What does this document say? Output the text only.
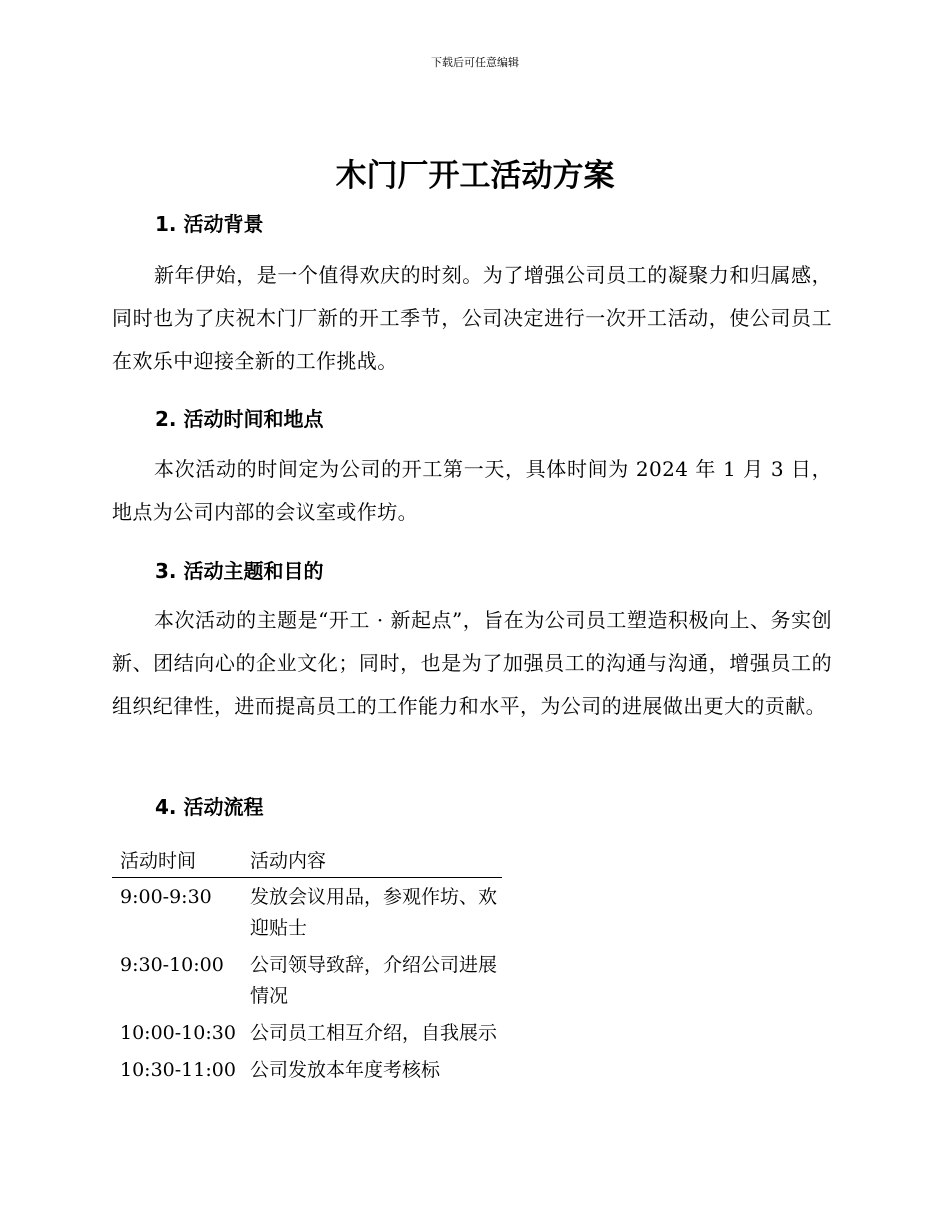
下载后可任意编辑
木门厂开工活动方案
1. 活动背景

新年伊始，是一个值得欢庆的时刻。为了增强公司员工的凝聚力和归属感，同时也为了庆祝木门厂新的开工季节，公司决定进行一次开工活动，使公司员工在欢乐中迎接全新的工作挑战。

2. 活动时间和地点

本次活动的时间定为公司的开工第一天，具体时间为 2024 年 1 月 3 日，地点为公司内部的会议室或作坊。

3. 活动主题和目的

本次活动的主题是“开工 · 新起点”，旨在为公司员工塑造积极向上、务实创新、团结向心的企业文化；同时，也是为了加强员工的沟通与沟通，增强员工的组织纪律性，进而提高员工的工作能力和水平，为公司的进展做出更大的贡献。

4. 活动流程
活动时间	活动内容
9:00-9:30	发放会议用品，参观作坊、欢迎贴士
9:30-10:00	公司领导致辞，介绍公司进展情况
10:00-10:30	公司员工相互介绍，自我展示
10:30-11:00	公司发放本年度考核标
